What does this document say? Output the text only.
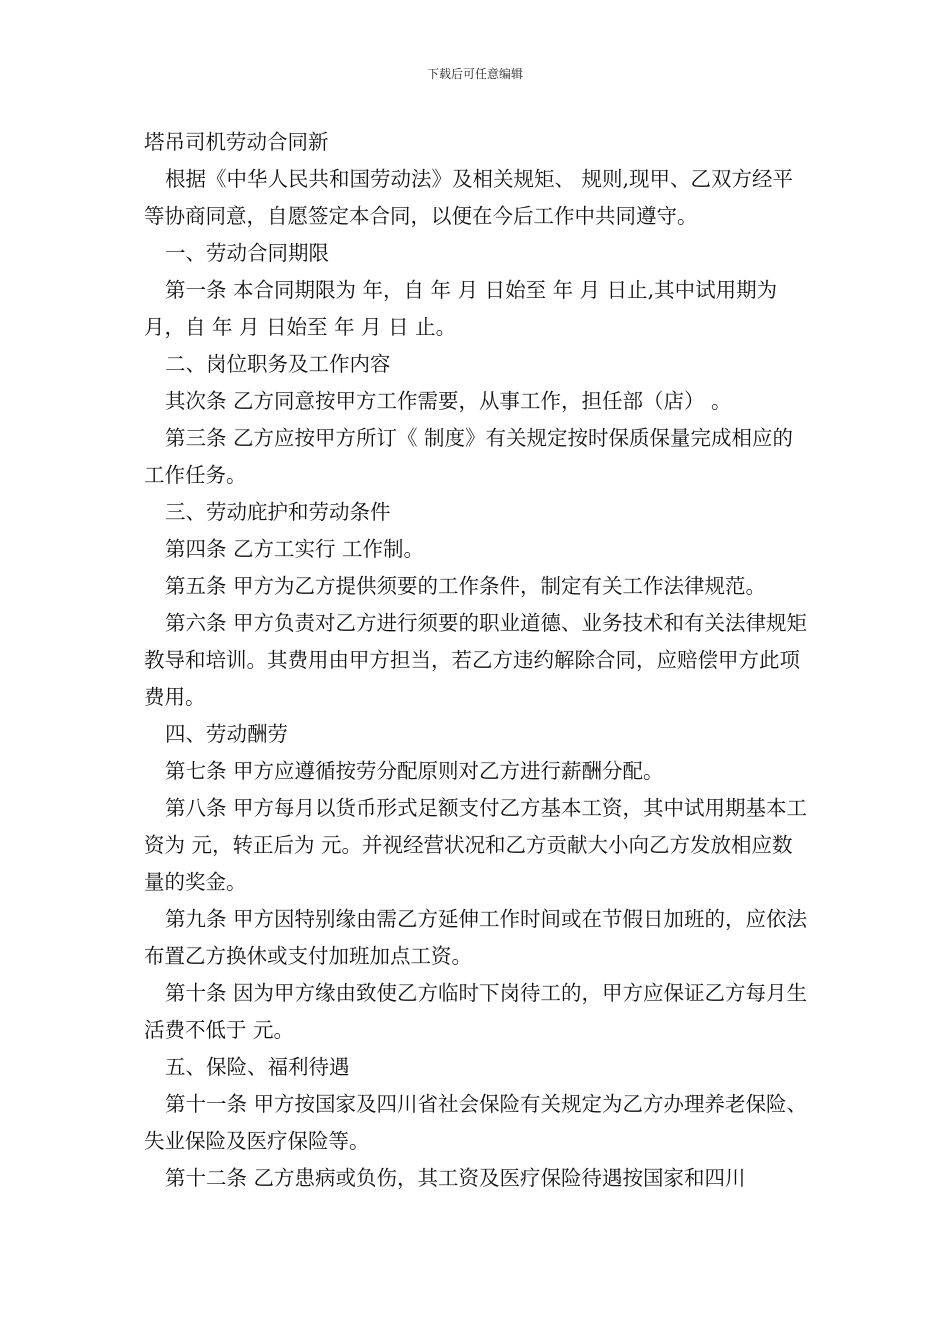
下载后可任意编辑

塔吊司机劳动合同新

根据《中华人民共和国劳动法》及相关规矩、 规则,现甲、乙双方经平等协商同意，自愿签定本合同，以便在今后工作中共同遵守。

一、劳动合同期限

第一条 本合同期限为 年，自 年 月 日始至 年 月 日止,其中试用期为 月，自 年 月 日始至 年 月 日 止。

二、岗位职务及工作内容

其次条 乙方同意按甲方工作需要，从事工作，担任部（店） 。

第三条 乙方应按甲方所订《 制度》有关规定按时保质保量完成相应的工作任务。

三、劳动庇护和劳动条件

第四条 乙方工实行 工作制。

第五条 甲方为乙方提供须要的工作条件，制定有关工作法律规范。

第六条 甲方负责对乙方进行须要的职业道德、业务技术和有关法律规矩教导和培训。其费用由甲方担当，若乙方违约解除合同，应赔偿甲方此项费用。

四、劳动酬劳

第七条 甲方应遵循按劳分配原则对乙方进行薪酬分配。

第八条 甲方每月以货币形式足额支付乙方基本工资，其中试用期基本工资为 元，转正后为 元。并视经营状况和乙方贡献大小向乙方发放相应数量的奖金。

第九条 甲方因特别缘由需乙方延伸工作时间或在节假日加班的，应依法布置乙方换休或支付加班加点工资。

第十条 因为甲方缘由致使乙方临时下岗待工的，甲方应保证乙方每月生活费不低于 元。

五、保险、福利待遇

第十一条 甲方按国家及四川省社会保险有关规定为乙方办理养老保险、失业保险及医疗保险等。

第十二条 乙方患病或负伤，其工资及医疗保险待遇按国家和四川
